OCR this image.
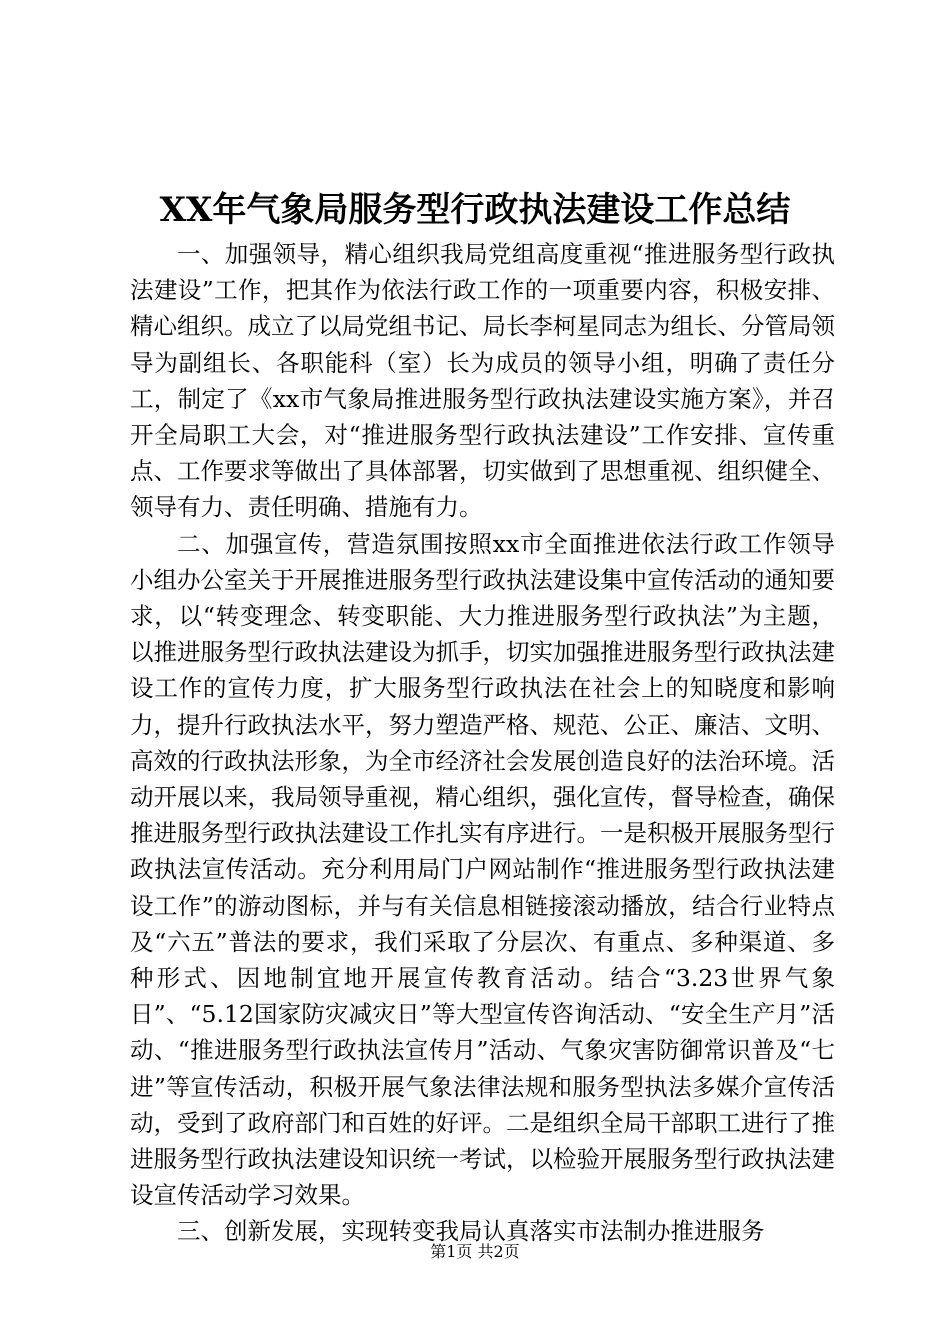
XX年气象局服务型行政执法建设工作总结

一、加强领导，精心组织我局党组高度重视“推进服务型行政执法建设”工作，把其作为依法行政工作的一项重要内容，积极安排、精心组织。成立了以局党组书记、局长李柯星同志为组长、分管局领导为副组长、各职能科（室）长为成员的领导小组，明确了责任分工，制定了《xx市气象局推进服务型行政执法建设实施方案》，并召开全局职工大会，对“推进服务型行政执法建设”工作安排、宣传重点、工作要求等做出了具体部署，切实做到了思想重视、组织健全、领导有力、责任明确、措施有力。

二、加强宣传，营造氛围按照xx市全面推进依法行政工作领导小组办公室关于开展推进服务型行政执法建设集中宣传活动的通知要求，以“转变理念、转变职能、大力推进服务型行政执法”为主题，以推进服务型行政执法建设为抓手，切实加强推进服务型行政执法建设工作的宣传力度，扩大服务型行政执法在社会上的知晓度和影响力，提升行政执法水平，努力塑造严格、规范、公正、廉洁、文明、高效的行政执法形象，为全市经济社会发展创造良好的法治环境。活动开展以来，我局领导重视，精心组织，强化宣传，督导检查，确保推进服务型行政执法建设工作扎实有序进行。一是积极开展服务型行政执法宣传活动。充分利用局门户网站制作“推进服务型行政执法建设工作”的游动图标，并与有关信息相链接滚动播放，结合行业特点及“六五”普法的要求，我们采取了分层次、有重点、多种渠道、多种形式、因地制宜地开展宣传教育活动。结合“3.23世界气象日”、“5.12国家防灾减灾日”等大型宣传咨询活动、“安全生产月”活动、“推进服务型行政执法宣传月”活动、气象灾害防御常识普及“七进”等宣传活动，积极开展气象法律法规和服务型执法多媒介宣传活动，受到了政府部门和百姓的好评。二是组织全局干部职工进行了推进服务型行政执法建设知识统一考试，以检验开展服务型行政执法建设宣传活动学习效果。

三、创新发展，实现转变我局认真落实市法制办推进服务

第1页 共2页
